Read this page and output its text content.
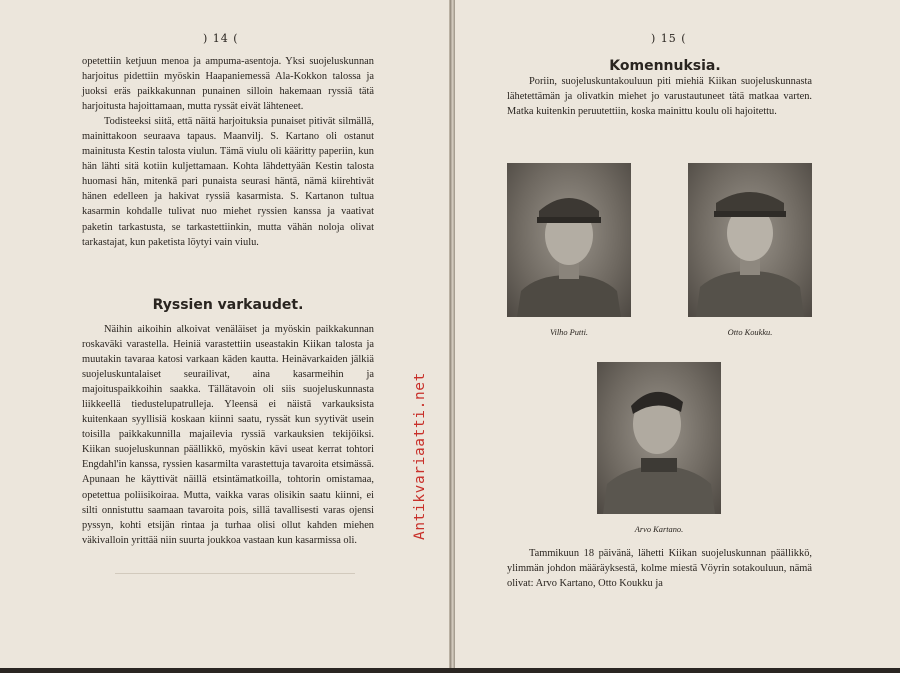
) 14 (

opetettiin ketjuun menoa ja ampuma-asentoja. Yksi suojeluskunnan harjoitus pidettiin myöskin Haapaniemessä Ala-Kokkon talossa ja juoksi eräs paikkakunnan punainen silloin hakemaan ryssiä tätä harjoitusta hajoittamaan, mutta ryssät eivät lähteneet.

Todisteeksi siitä, että näitä harjoituksia punaiset pitivät silmällä, mainittakoon seuraava tapaus. Maanvilj. S. Kartano oli ostanut mainitusta Kestin talosta viulun. Tämä viulu oli kääritty paperiin, kun hän lähti sitä kotiin kuljettamaan. Kohta lähdettyään Kestin talosta huomasi hän, mitenkä pari punaista seurasi häntä, nämä kiirehtivät hänen edelleen ja hakivat ryssiä kasarmista. S. Kartanon tultua kasarmin kohdalle tulivat nuo miehet ryssien kanssa ja vaativat paketin tarkastusta, se tarkastettiinkin, mutta vähän noloja olivat tarkastajat, kun paketista löytyi vain viulu.

Ryssien varkaudet.

Näihin aikoihin alkoivat venäläiset ja myöskin paikkakunnan roskaväki varastella. Heiniä varastettiin useastakin Kiikan talosta ja muutakin tavaraa katosi varkaan käden kautta. Heinävarkaiden jälkiä suojeluskuntalaiset seurailivat, aina kasarmeihin ja majoituspaikkoihin saakka. Tällätavoin oli siis suojeluskunnasta liikkeellä tiedustelupatrulleja. Yleensä ei näistä varkauksista kuitenkaan syyllisiä koskaan kiinni saatu, ryssät kun syytivät usein toisilla paikkakunnilla majailevia ryssiä varkauksien tekijöiksi. Kiikan suojeluskunnan päällikkö, myöskin kävi useat kerrat tohtori Engdahl'in kanssa, ryssien kasarmilta varastettuja tavaroita etsimässä. Apunaan he käyttivät näillä etsintämatkoilla, tohtorin omistamaa, opetettua poliisikoiraa. Mutta, vaikka varas olisikin saatu kiinni, ei silti onnistuttu saamaan tavaroita pois, sillä tavallisesti varas ojensi pyssyn, kohti etsijän rintaa ja turhaa olisi ollut kahden miehen väkivalloin yrittää niin suurta joukkoa vastaan kun kasarmissa oli.

) 15 (
Komennuksia.

Poriin, suojeluskuntakouluun piti miehiä Kiikan suojeluskunnasta lähetettämän ja olivatkin miehet jo varustautuneet tätä matkaa varten. Matka kuitenkin peruutettiin, koska mainittu koulu oli hajoitettu.

Vilho Putti.	Otto Koukku.
Arvo Kartano.

Tammikuun 18 päivänä, lähetti Kiikan suojeluskunnan päällikkö, ylimmän johdon määräyksestä, kolme miestä Vöyrin sotakouluun, nämä olivat: Arvo Kartano, Otto Koukku ja

Antikvariaatti.net
